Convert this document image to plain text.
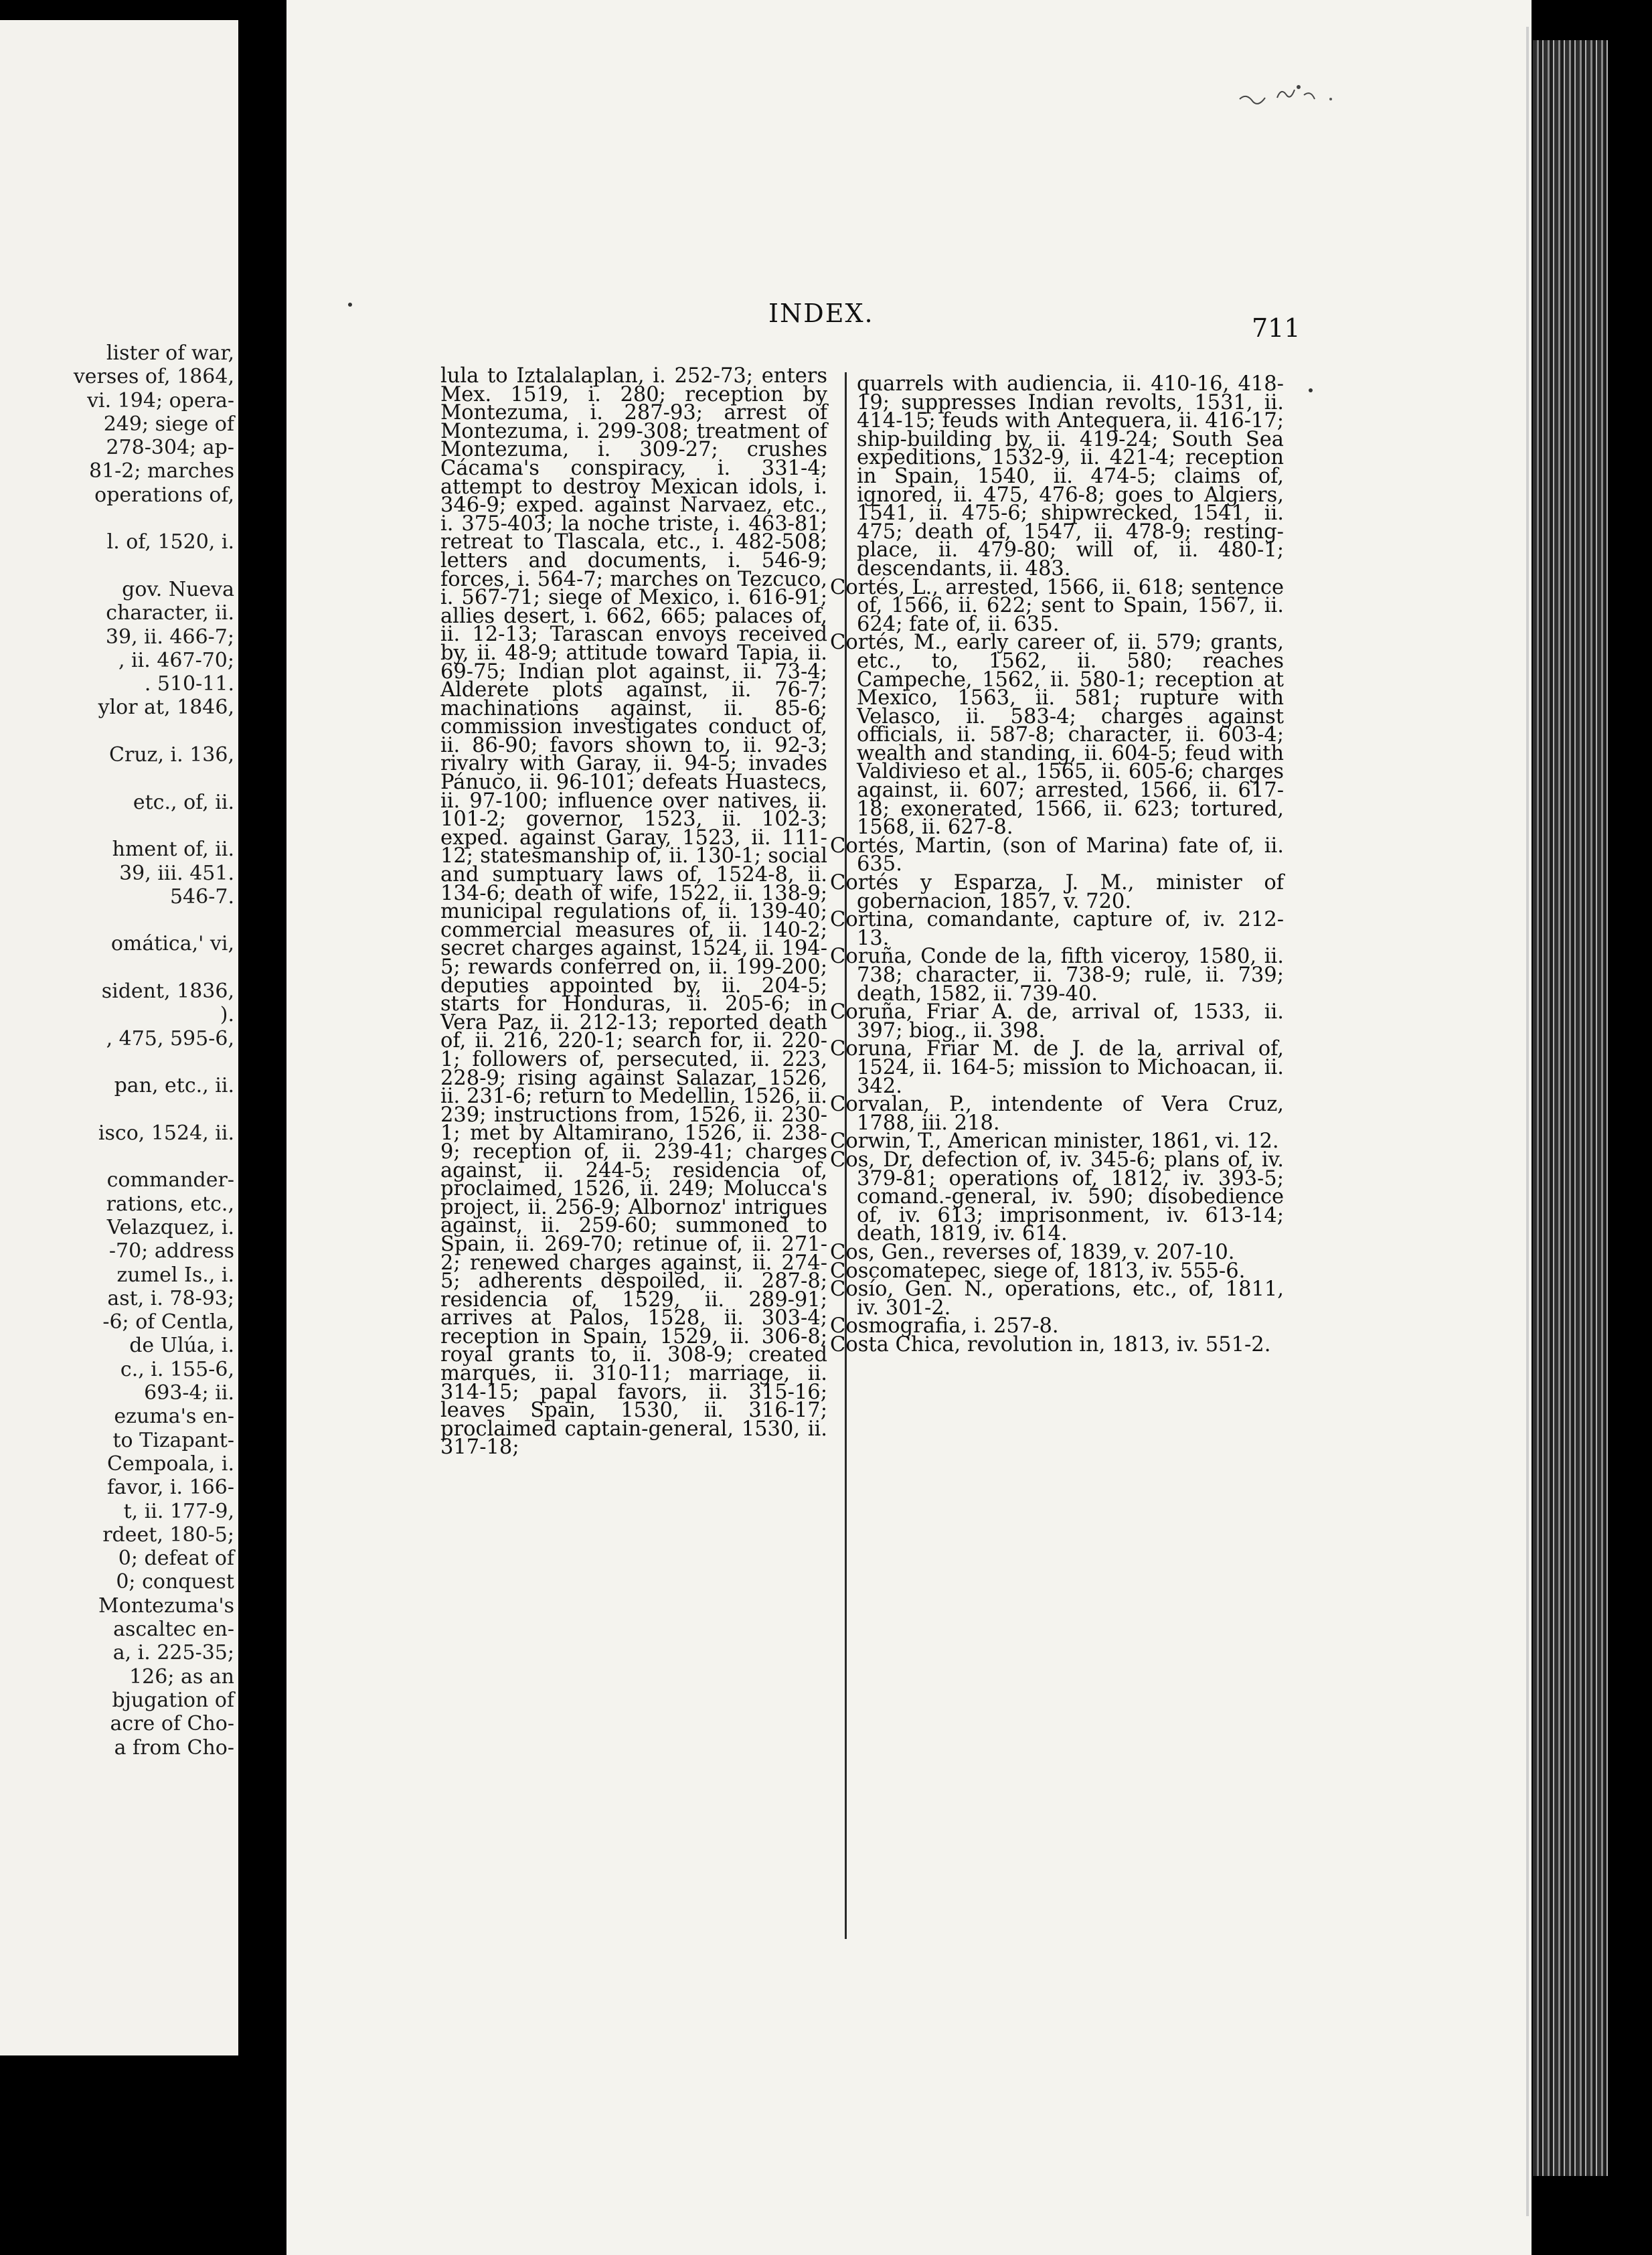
lister of war,
verses of, 1864,
vi. 194; opera-
249; siege of
278-304; ap-
81-2; marches
operations of,
l. of, 1520, i.
gov. Nueva
character, ii.
39, ii. 466-7;
, ii. 467-70;
. 510-11.
ylor at, 1846,
Cruz, i. 136,
etc., of, ii.
hment of, ii.
39, iii. 451.
546-7.
omática,' vi,
sident, 1836,
).
, 475, 595-6,
pan, etc., ii.
isco, 1524, ii.
commander-
rations, etc.,
Velazquez, i.
-70; address
zumel Is., i.
ast, i. 78-93;
-6; of Centla,
de Ulúa, i.
c., i. 155-6,
693-4; ii.
ezuma's en-
to Tizapant-
Cempoala, i.
favor, i. 166-
t, ii. 177-9,
rdeet, 180-5;
0; defeat of
0; conquest
Montezuma's
ascaltec en-
a, i. 225-35;
126; as an
bjugation of
acre of Cho-
a from Cho-
INDEX.	711

lula to Iztalalaplan, i. 252-73; enters Mex. 1519, i. 280; reception by Montezuma, i. 287-93; arrest of Montezuma, i. 299-308; treatment of Montezuma, i. 309-27; crushes Cácama's conspiracy, i. 331-4; attempt to destroy Mexican idols, i. 346-9; exped. against Narvaez, etc., i. 375-403; la noche triste, i. 463-81; retreat to Tlascala, etc., i. 482-508; letters and documents, i. 546-9; forces, i. 564-7; marches on Tezcuco, i. 567-71; siege of Mexico, i. 616-91; allies desert, i. 662, 665; palaces of, ii. 12-13; Tarascan envoys received by, ii. 48-9; attitude toward Tapia, ii. 69-75; Indian plot against, ii. 73-4; Alderete plots against, ii. 76-7; machinations against, ii. 85-6; commission investigates conduct of, ii. 86-90; favors shown to, ii. 92-3; rivalry with Garay, ii. 94-5; invades Pánuco, ii. 96-101; defeats Huastecs, ii. 97-100; influence over natives, ii. 101-2; governor, 1523, ii. 102-3; exped. against Garay, 1523, ii. 111-12; statesmanship of, ii. 130-1; social and sumptuary laws of, 1524-8, ii. 134-6; death of wife, 1522, ii. 138-9; municipal regulations of, ii. 139-40; commercial measures of, ii. 140-2; secret charges against, 1524, ii. 194-5; rewards conferred on, ii. 199-200; deputies appointed by, ii. 204-5; starts for Honduras, ii. 205-6; in Vera Paz, ii. 212-13; reported death of, ii. 216, 220-1; search for, ii. 220-1; followers of, persecuted, ii. 223, 228-9; rising against Salazar, 1526, ii. 231-6; return to Medellin, 1526, ii. 239; instructions from, 1526, ii. 230-1; met by Altamirano, 1526, ii. 238-9; reception of, ii. 239-41; charges against, ii. 244-5; residencia of, proclaimed, 1526, ii. 249; Molucca's project, ii. 256-9; Albornoz' intrigues against, ii. 259-60; summoned to Spain, ii. 269-70; retinue of, ii. 271-2; renewed charges against, ii. 274-5; adherents despoiled, ii. 287-8; residencia of, 1529, ii. 289-91; arrives at Palos, 1528, ii. 303-4; reception in Spain, 1529, ii. 306-8; royal grants to, ii. 308-9; created marqués, ii. 310-11; marriage, ii. 314-15; papal favors, ii. 315-16; leaves Spain, 1530, ii. 316-17; proclaimed captain-general, 1530, ii. 317-18;

quarrels with audiencia, ii. 410-16, 418-19; suppresses Indian revolts, 1531, ii. 414-15; feuds with Antequera, ii. 416-17; ship-building by, ii. 419-24; South Sea expeditions, 1532-9, ii. 421-4; reception in Spain, 1540, ii. 474-5; claims of, ignored, ii. 475, 476-8; goes to Algiers, 1541, ii. 475-6; shipwrecked, 1541, ii. 475; death of, 1547, ii. 478-9; resting-place, ii. 479-80; will of, ii. 480-1; descendants, ii. 483.

Cortés, L., arrested, 1566, ii. 618; sentence of, 1566, ii. 622; sent to Spain, 1567, ii. 624; fate of, ii. 635.

Cortés, M., early career of, ii. 579; grants, etc., to, 1562, ii. 580; reaches Campeche, 1562, ii. 580-1; reception at Mexico, 1563, ii. 581; rupture with Velasco, ii. 583-4; charges against officials, ii. 587-8; character, ii. 603-4; wealth and standing, ii. 604-5; feud with Valdivieso et al., 1565, ii. 605-6; charges against, ii. 607; arrested, 1566, ii. 617-18; exonerated, 1566, ii. 623; tortured, 1568, ii. 627-8.

Cortés, Martin, (son of Marina) fate of, ii. 635.

Cortés y Esparza, J. M., minister of gobernacion, 1857, v. 720.

Cortina, comandante, capture of, iv. 212-13.

Coruña, Conde de la, fifth viceroy, 1580, ii. 738; character, ii. 738-9; rule, ii. 739; death, 1582, ii. 739-40.

Coruña, Friar A. de, arrival of, 1533, ii. 397; biog., ii. 398.

Coruna, Friar M. de J. de la, arrival of, 1524, ii. 164-5; mission to Michoacan, ii. 342.

Corvalan, P., intendente of Vera Cruz, 1788, iii. 218.

Corwin, T., American minister, 1861, vi. 12.

Cos, Dr, defection of, iv. 345-6; plans of, iv. 379-81; operations of, 1812, iv. 393-5; comand.-general, iv. 590; disobedience of, iv. 613; imprisonment, iv. 613-14; death, 1819, iv. 614.

Cos, Gen., reverses of, 1839, v. 207-10.

Coscomatepec, siege of, 1813, iv. 555-6.

Cosío, Gen. N., operations, etc., of, 1811, iv. 301-2.

Cosmografia, i. 257-8.

Costa Chica, revolution in, 1813, iv. 551-2.
